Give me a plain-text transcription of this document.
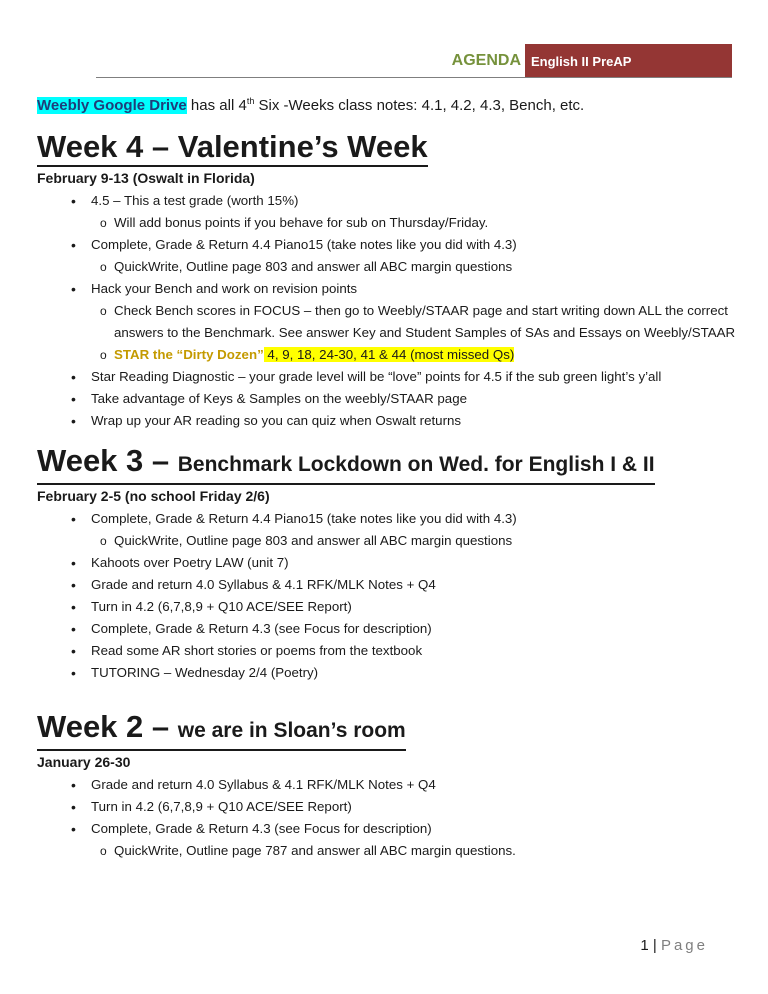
AGENDA English II PreAP
Weebly Google Drive has all 4th Six -Weeks class notes: 4.1, 4.2, 4.3, Bench, etc.
Week 4 – Valentine’s Week
February 9-13 (Oswalt in Florida)
• 4.5 – This a test grade (worth 15%)
o Will add bonus points if you behave for sub on Thursday/Friday.
• Complete, Grade & Return 4.4 Piano15 (take notes like you did with 4.3)
o QuickWrite, Outline page 803 and answer all ABC margin questions
• Hack your Bench and work on revision points
o Check Bench scores in FOCUS – then go to Weebly/STAAR page and start writing down ALL the correct answers to the Benchmark. See answer Key and Student Samples of SAs and Essays on Weebly/STAAR
o STAR the “Dirty Dozen” 4, 9, 18, 24-30, 41 & 44 (most missed Qs)
• Star Reading Diagnostic – your grade level will be “love” points for 4.5 if the sub green light’s y’all
• Take advantage of Keys & Samples on the weebly/STAAR page
• Wrap up your AR reading so you can quiz when Oswalt returns
Week 3 – Benchmark Lockdown on Wed. for English I & II
February 2-5 (no school Friday 2/6)
• Complete, Grade & Return 4.4 Piano15 (take notes like you did with 4.3)
o QuickWrite, Outline page 803 and answer all ABC margin questions
• Kahoots over Poetry LAW (unit 7)
• Grade and return 4.0 Syllabus & 4.1 RFK/MLK Notes + Q4
• Turn in 4.2 (6,7,8,9 + Q10 ACE/SEE Report)
• Complete, Grade & Return 4.3 (see Focus for description)
• Read some AR short stories or poems from the textbook
• TUTORING – Wednesday 2/4 (Poetry)
Week 2 – we are in Sloan’s room
January 26-30
• Grade and return 4.0 Syllabus & 4.1 RFK/MLK Notes + Q4
• Turn in 4.2 (6,7,8,9 + Q10 ACE/SEE Report)
• Complete, Grade & Return 4.3 (see Focus for description)
o QuickWrite, Outline page 787 and answer all ABC margin questions.
1 | Page
